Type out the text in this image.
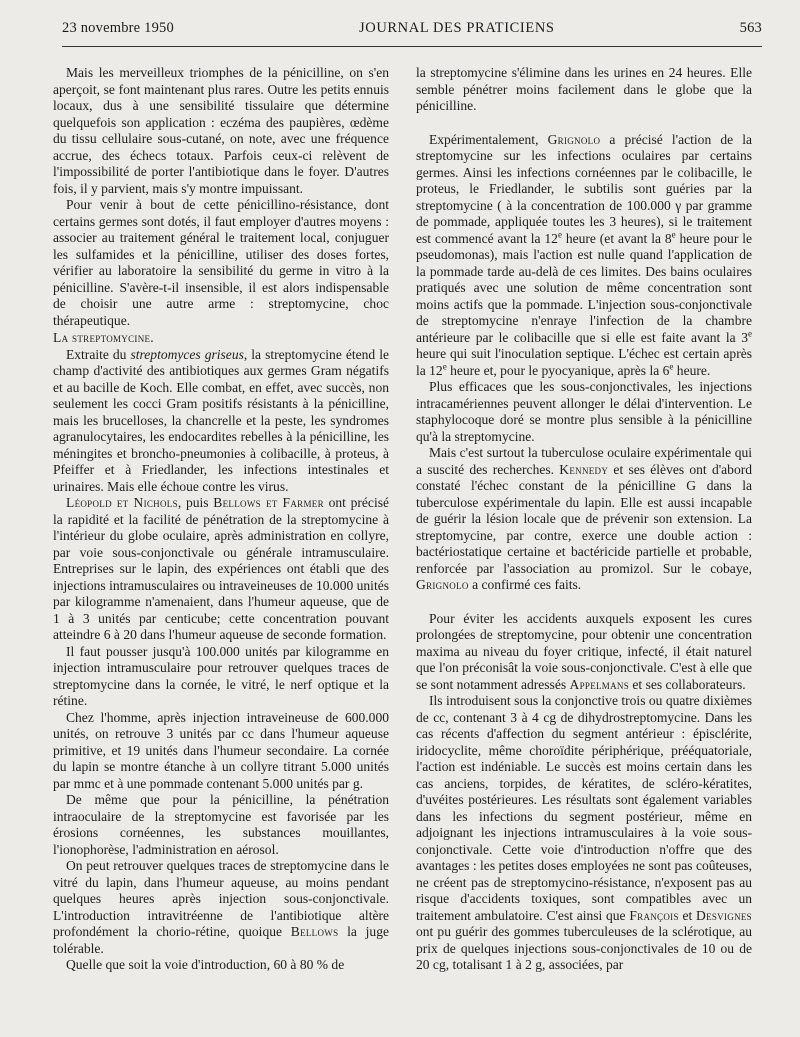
23 novembre 1950	JOURNAL DES PRATICIENS	563

Mais les merveilleux triomphes de la pénicilline, on s'en aperçoit, se font maintenant plus rares. Outre les petits ennuis locaux, dus à une sensibilité tissulaire que détermine quelquefois son application : eczéma des paupières, œdème du tissu cellulaire sous-cutané, on note, avec une fréquence accrue, des échecs totaux. Parfois ceux-ci relèvent de l'impossibilité de porter l'antibiotique dans le foyer. D'autres fois, il y parvient, mais s'y montre impuissant.

Pour venir à bout de cette pénicillino-résistance, dont certains germes sont dotés, il faut employer d'autres moyens : associer au traitement général le traitement local, conjuguer les sulfamides et la pénicilline, utiliser des doses fortes, vérifier au laboratoire la sensibilité du germe in vitro à la pénicilline. S'avère-t-il insensible, il est alors indispensable de choisir une autre arme : streptomycine, choc thérapeutique.

La streptomycine.

Extraite du streptomyces griseus, la streptomycine étend le champ d'activité des antibiotiques aux germes Gram négatifs et au bacille de Koch. Elle combat, en effet, avec succès, non seulement les cocci Gram positifs résistants à la pénicilline, mais les brucelloses, la chancrelle et la peste, les syndromes agranulocytaires, les endocardites rebelles à la pénicilline, les méningites et broncho-pneumonies à colibacille, à proteus, à Pfeiffer et à Friedlander, les infections intestinales et urinaires. Mais elle échoue contre les virus.

Léopold et Nichols, puis Bellows et Farmer ont précisé la rapidité et la facilité de pénétration de la streptomycine à l'intérieur du globe oculaire, après administration en collyre, par voie sous-conjonctivale ou générale intramusculaire. Entreprises sur le lapin, des expériences ont établi que des injections intramusculaires ou intraveineuses de 10.000 unités par kilogramme n'amenaient, dans l'humeur aqueuse, que de 1 à 3 unités par centicube; cette concentration pouvant atteindre 6 à 20 dans l'humeur aqueuse de seconde formation.

Il faut pousser jusqu'à 100.000 unités par kilogramme en injection intramusculaire pour retrouver quelques traces de streptomycine dans la cornée, le vitré, le nerf optique et la rétine.

Chez l'homme, après injection intraveineuse de 600.000 unités, on retrouve 3 unités par cc dans l'humeur aqueuse primitive, et 19 unités dans l'humeur secondaire. La cornée du lapin se montre étanche à un collyre titrant 5.000 unités par mmc et à une pommade contenant 5.000 unités par g.

De même que pour la pénicilline, la pénétration intraoculaire de la streptomycine est favorisée par les érosions cornéennes, les substances mouillantes, l'ionophorèse, l'administration en aérosol.

On peut retrouver quelques traces de streptomycine dans le vitré du lapin, dans l'humeur aqueuse, au moins pendant quelques heures après injection sous-conjonctivale. L'introduction intravitréenne de l'antibiotique altère profondément la chorio-rétine, quoique Bellows la juge tolérable.

Quelle que soit la voie d'introduction, 60 à 80 % de

la streptomycine s'élimine dans les urines en 24 heures. Elle semble pénétrer moins facilement dans le globe que la pénicilline.

Expérimentalement, Grignolo a précisé l'action de la streptomycine sur les infections oculaires par certains germes. Ainsi les infections cornéennes par le colibacille, le proteus, le Friedlander, le subtilis sont guéries par la streptomycine ( à la concentration de 100.000 γ par gramme de pommade, appliquée toutes les 3 heures), si le traitement est commencé avant la 12e heure (et avant la 8e heure pour le pseudomonas), mais l'action est nulle quand l'application de la pommade tarde au-delà de ces limites. Des bains oculaires pratiqués avec une solution de même concentration sont moins actifs que la pommade. L'injection sous-conjonctivale de streptomycine n'enraye l'infection de la chambre antérieure par le colibacille que si elle est faite avant la 3e heure qui suit l'inoculation septique. L'échec est certain après la 12e heure et, pour le pyocyanique, après la 6e heure.

Plus efficaces que les sous-conjonctivales, les injections intracamériennes peuvent allonger le délai d'intervention. Le staphylocoque doré se montre plus sensible à la pénicilline qu'à la streptomycine.

Mais c'est surtout la tuberculose oculaire expérimentale qui a suscité des recherches. Kennedy et ses élèves ont d'abord constaté l'échec constant de la pénicilline G dans la tuberculose expérimentale du lapin. Elle est aussi incapable de guérir la lésion locale que de prévenir son extension. La streptomycine, par contre, exerce une double action : bactériostatique certaine et bactéricide partielle et probable, renforcée par l'association au promizol. Sur le cobaye, Grignolo a confirmé ces faits.

Pour éviter les accidents auxquels exposent les cures prolongées de streptomycine, pour obtenir une concentration maxima au niveau du foyer critique, infecté, il était naturel que l'on préconisât la voie sous-conjonctivale. C'est à elle que se sont notamment adressés Appelmans et ses collaborateurs.

Ils introduisent sous la conjonctive trois ou quatre dixièmes de cc, contenant 3 à 4 cg de dihydrostreptomycine. Dans les cas récents d'affection du segment antérieur : épisclérite, iridocyclite, même choroïdite périphérique, prééquatoriale, l'action est indéniable. Le succès est moins certain dans les cas anciens, torpides, de kératites, de scléro-kératites, d'uvéites postérieures. Les résultats sont également variables dans les infections du segment postérieur, même en adjoignant les injections intramusculaires à la voie sous-conjonctivale. Cette voie d'introduction n'offre que des avantages : les petites doses employées ne sont pas coûteuses, ne créent pas de streptomycino-résistance, n'exposent pas au risque d'accidents toxiques, sont compatibles avec un traitement ambulatoire. C'est ainsi que François et Desvignes ont pu guérir des gommes tuberculeuses de la sclérotique, au prix de quelques injections sous-conjonctivales de 10 ou de 20 cg, totalisant 1 à 2 g, associées, par
